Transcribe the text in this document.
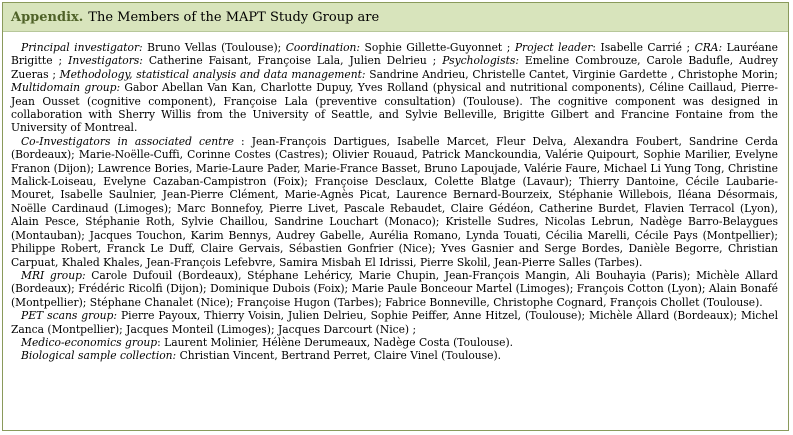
Appendix. The Members of the MAPT Study Group are

Principal investigator: Bruno Vellas (Toulouse); Coordination: Sophie Gillette-Guyonnet ; Project leader: Isabelle Carrié ; CRA: Lauréane Brigitte ; Investigators: Catherine Faisant, Françoise Lala, Julien Delrieu ; Psychologists: Emeline Combrouze, Carole Badufle, Audrey Zueras ; Methodology, statistical analysis and data management: Sandrine Andrieu, Christelle Cantet, Virginie Gardette , Christophe Morin; Multidomain group: Gabor Abellan Van Kan, Charlotte Dupuy, Yves Rolland (physical and nutritional components), Céline Caillaud, Pierre-Jean Ousset (cognitive component), Françoise Lala (preventive consultation) (Toulouse). The cognitive component was designed in collaboration with Sherry Willis from the University of Seattle, and Sylvie Belleville, Brigitte Gilbert and Francine Fontaine from the University of Montreal.

Co-Investigators in associated centre : Jean-François Dartigues, Isabelle Marcet, Fleur Delva, Alexandra Foubert, Sandrine Cerda (Bordeaux); Marie-Noëlle-Cuffi, Corinne Costes (Castres); Olivier Rouaud, Patrick Manckoundia, Valérie Quipourt, Sophie Marilier, Evelyne Franon (Dijon); Lawrence Bories, Marie-Laure Pader, Marie-France Basset, Bruno Lapoujade, Valérie Faure, Michael Li Yung Tong, Christine Malick-Loiseau, Evelyne Cazaban-Campistron (Foix); Françoise Desclaux, Colette Blatge (Lavaur); Thierry Dantoine, Cécile Laubarie-Mouret, Isabelle Saulnier, Jean-Pierre Clément, Marie-Agnès Picat, Laurence Bernard-Bourzeix, Stéphanie Willebois, Iléana Désormais, Noëlle Cardinaud (Limoges); Marc Bonnefoy, Pierre Livet, Pascale Rebaudet, Claire Gédéon, Catherine Burdet, Flavien Terracol (Lyon), Alain Pesce, Stéphanie Roth, Sylvie Chaillou, Sandrine Louchart (Monaco); Kristelle Sudres, Nicolas Lebrun, Nadège Barro-Belaygues (Montauban); Jacques Touchon, Karim Bennys, Audrey Gabelle, Aurélia Romano, Lynda Touati, Cécilia Marelli, Cécile Pays (Montpellier); Philippe Robert, Franck Le Duff, Claire Gervais, Sébastien Gonfrier (Nice); Yves Gasnier and Serge Bordes, Danièle Begorre, Christian Carpuat, Khaled Khales, Jean-François Lefebvre, Samira Misbah El Idrissi, Pierre Skolil, Jean-Pierre Salles (Tarbes).

MRI group: Carole Dufouil (Bordeaux), Stéphane Lehéricy, Marie Chupin, Jean-François Mangin, Ali Bouhayia (Paris); Michèle Allard (Bordeaux); Frédéric Ricolfi (Dijon); Dominique Dubois (Foix); Marie Paule Bonceour Martel (Limoges); François Cotton (Lyon); Alain Bonafé (Montpellier); Stéphane Chanalet (Nice); Françoise Hugon (Tarbes); Fabrice Bonneville, Christophe Cognard, François Chollet (Toulouse).

PET scans group: Pierre Payoux, Thierry Voisin, Julien Delrieu, Sophie Peiffer, Anne Hitzel, (Toulouse); Michèle Allard (Bordeaux); Michel Zanca (Montpellier); Jacques Monteil (Limoges); Jacques Darcourt (Nice) ;

Medico-economics group: Laurent Molinier, Hélène Derumeaux, Nadège Costa (Toulouse).

Biological sample collection: Christian Vincent, Bertrand Perret, Claire Vinel (Toulouse).
